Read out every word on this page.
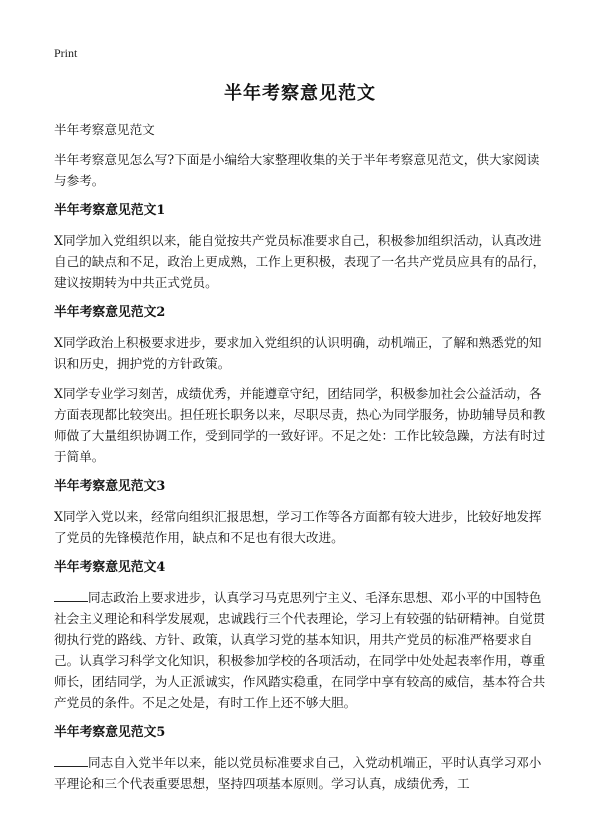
Print
半年考察意见范文

半年考察意见范文

半年考察意见怎么写?下面是小编给大家整理收集的关于半年考察意见范文，供大家阅读与参考。

半年考察意见范文1

X同学加入党组织以来，能自觉按共产党员标准要求自己，积极参加组织活动，认真改进自己的缺点和不足，政治上更成熟，工作上更积极，表现了一名共产党员应具有的品行，建议按期转为中共正式党员。

半年考察意见范文2

X同学政治上积极要求进步，要求加入党组织的认识明确，动机端正，了解和熟悉党的知识和历史，拥护党的方针政策。

X同学专业学习刻苦，成绩优秀，并能遵章守纪，团结同学，积极参加社会公益活动，各方面表现都比较突出。担任班长职务以来，尽职尽责，热心为同学服务，协助辅导员和教师做了大量组织协调工作，受到同学的一致好评。不足之处：工作比较急躁，方法有时过于简单。

半年考察意见范文3

X同学入党以来，经常向组织汇报思想，学习工作等各方面都有较大进步，比较好地发挥了党员的先锋模范作用，缺点和不足也有很大改进。

半年考察意见范文4

同志政治上要求进步，认真学习马克思列宁主义、毛泽东思想、邓小平的中国特色社会主义理论和科学发展观，忠诚践行三个代表理论，学习上有较强的钻研精神。自觉贯彻执行党的路线、方针、政策，认真学习党的基本知识，用共产党员的标准严格要求自己。认真学习科学文化知识，积极参加学校的各项活动，在同学中处处起表率作用，尊重师长，团结同学，为人正派诚实，作风踏实稳重，在同学中享有较高的威信，基本符合共产党员的条件。不足之处是，有时工作上还不够大胆。

半年考察意见范文5

同志自入党半年以来，能以党员标准要求自己，入党动机端正，平时认真学习邓小平理论和三个代表重要思想，坚持四项基本原则。学习认真，成绩优秀，工
